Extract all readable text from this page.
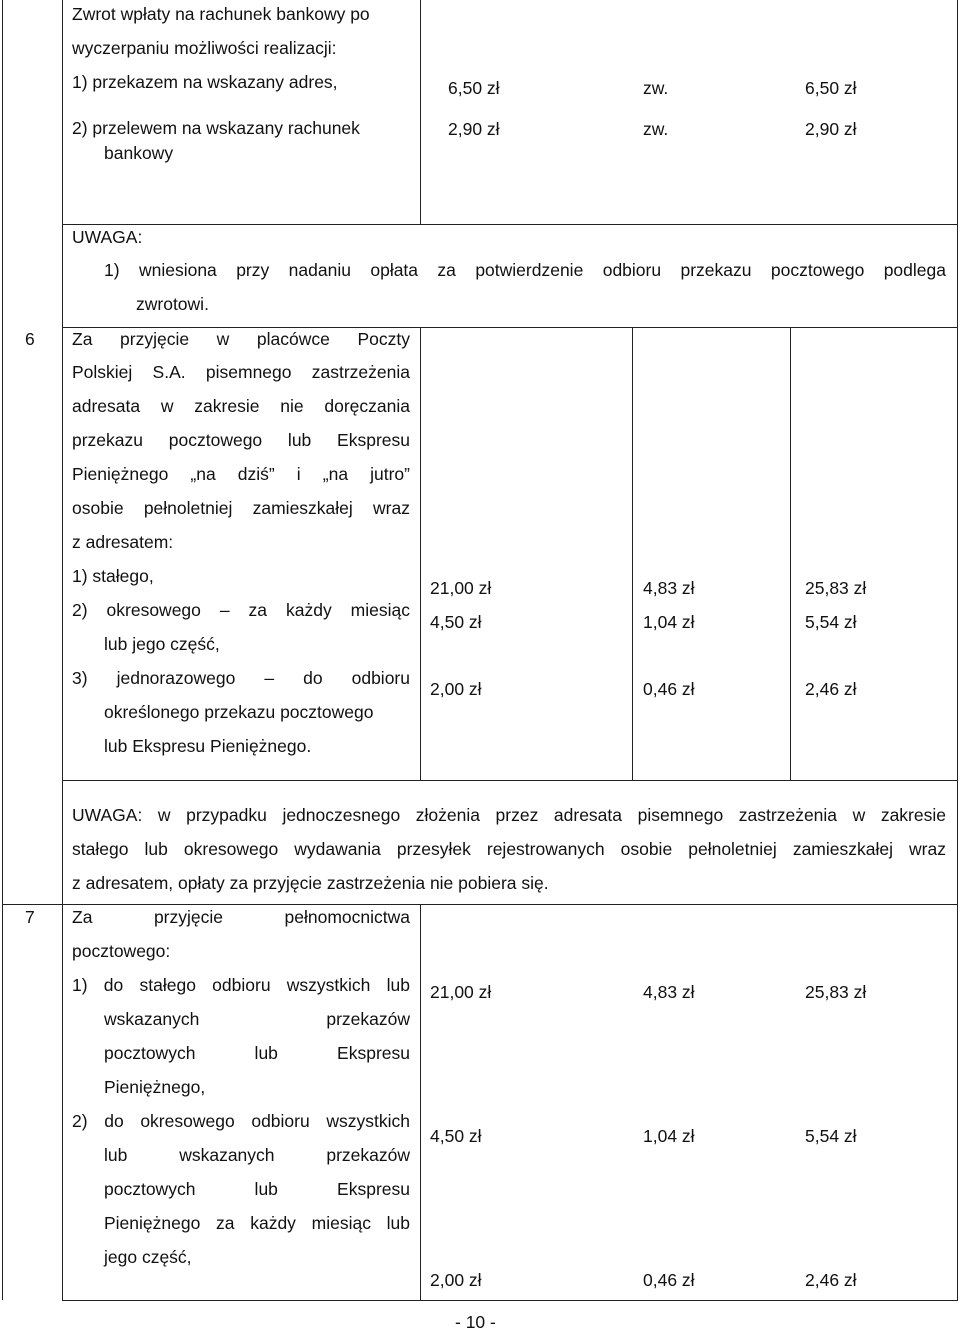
Zwrot wpłaty na rachunek bankowy po
wyczerpaniu możliwości realizacji:
1) przekazem na wskazany adres,
2) przelewem na wskazany rachunek
bankowy
6,50 zł	zw.	6,50 zł
2,90 zł	zw.	2,90 zł
UWAGA:
1) wniesiona przy nadaniu opłata za potwierdzenie odbioru przekazu pocztowego podlega
zwrotowi.
6 Za przyjęcie w placówce Poczty
Polskiej S.A. pisemnego zastrzeżenia
adresata w zakresie nie doręczania
przekazu pocztowego lub Ekspresu
Pieniężnego „na dziś” i „na jutro”
osobie pełnoletniej zamieszkałej wraz
z adresatem:
1) stałego,
2) okresowego – za każdy miesiąc
lub jego część,
3) jednorazowego – do odbioru
określonego przekazu pocztowego
lub Ekspresu Pieniężnego.
21,00 zł	4,83 zł	25,83 zł
4,50 zł	1,04 zł	5,54 zł
2,00 zł	0,46 zł	2,46 zł
UWAGA: w przypadku jednoczesnego złożenia przez adresata pisemnego zastrzeżenia w zakresie
stałego lub okresowego wydawania przesyłek rejestrowanych osobie pełnoletniej zamieszkałej wraz
z adresatem, opłaty za przyjęcie zastrzeżenia nie pobiera się.
7 Za przyjęcie pełnomocnictwa
pocztowego:
1) do stałego odbioru wszystkich lub
wskazanych przekazów
pocztowych lub Ekspresu
Pieniężnego,
2) do okresowego odbioru wszystkich
lub wskazanych przekazów
pocztowych lub Ekspresu
Pieniężnego za każdy miesiąc lub
jego część,
21,00 zł	4,83 zł	25,83 zł
4,50 zł	1,04 zł	5,54 zł
2,00 zł	0,46 zł	2,46 zł
- 10 -
